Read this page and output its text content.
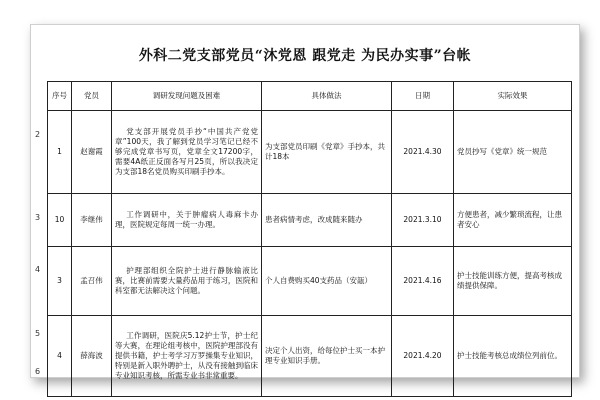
外科二党支部党员“沐党恩 跟党走 为民办实事”台帐
2
3
4
5
6
序号	党员	调研发现问题及困难	具体做法	日期	实际效果
1	赵谢霞	党支部开展党员手抄“中国共产党党章”100天，我了解到党员学习笔记已经不够完成党章书写页，党章全文17200字，需要4A纸正反面各写月25页，所以我决定为支部18名党员购买印刷手抄本。	为支部党员印刷《党章》手抄本，共计18本	2021.4.30	党员抄写《党章》统一规范
10	李继伟	工作调研中，关于肿瘤病人毒麻卡办理，医院规定每周一统一办理。	患者病情考虑，改成随来随办	2021.3.10	方便患者，减少繁琐流程，让患者安心
3	孟召伟	护理部组织全院护士进行静脉输液比赛，比赛前需要大量药品用于练习，医院和科室都无法解决这个问题。	个人自费购买40支药品（安瓿）	2021.4.16	护士技能训练方便，提高考核成绩提供保障。
4	薛海波	工作调研，医院庆5.12护士节，护士纪等大赛，在理论组考核中，医院护理部没有提供书籍，护士考学习万罗操集专业知识，特别是新入职外聘护士，从没有接触到临床专业知识考核，所需专业书非常重要。	决定个人出资，给每位护士买一本护理专业知识手册。	2021.4.20	护士技能考核总成绩位列前位。
